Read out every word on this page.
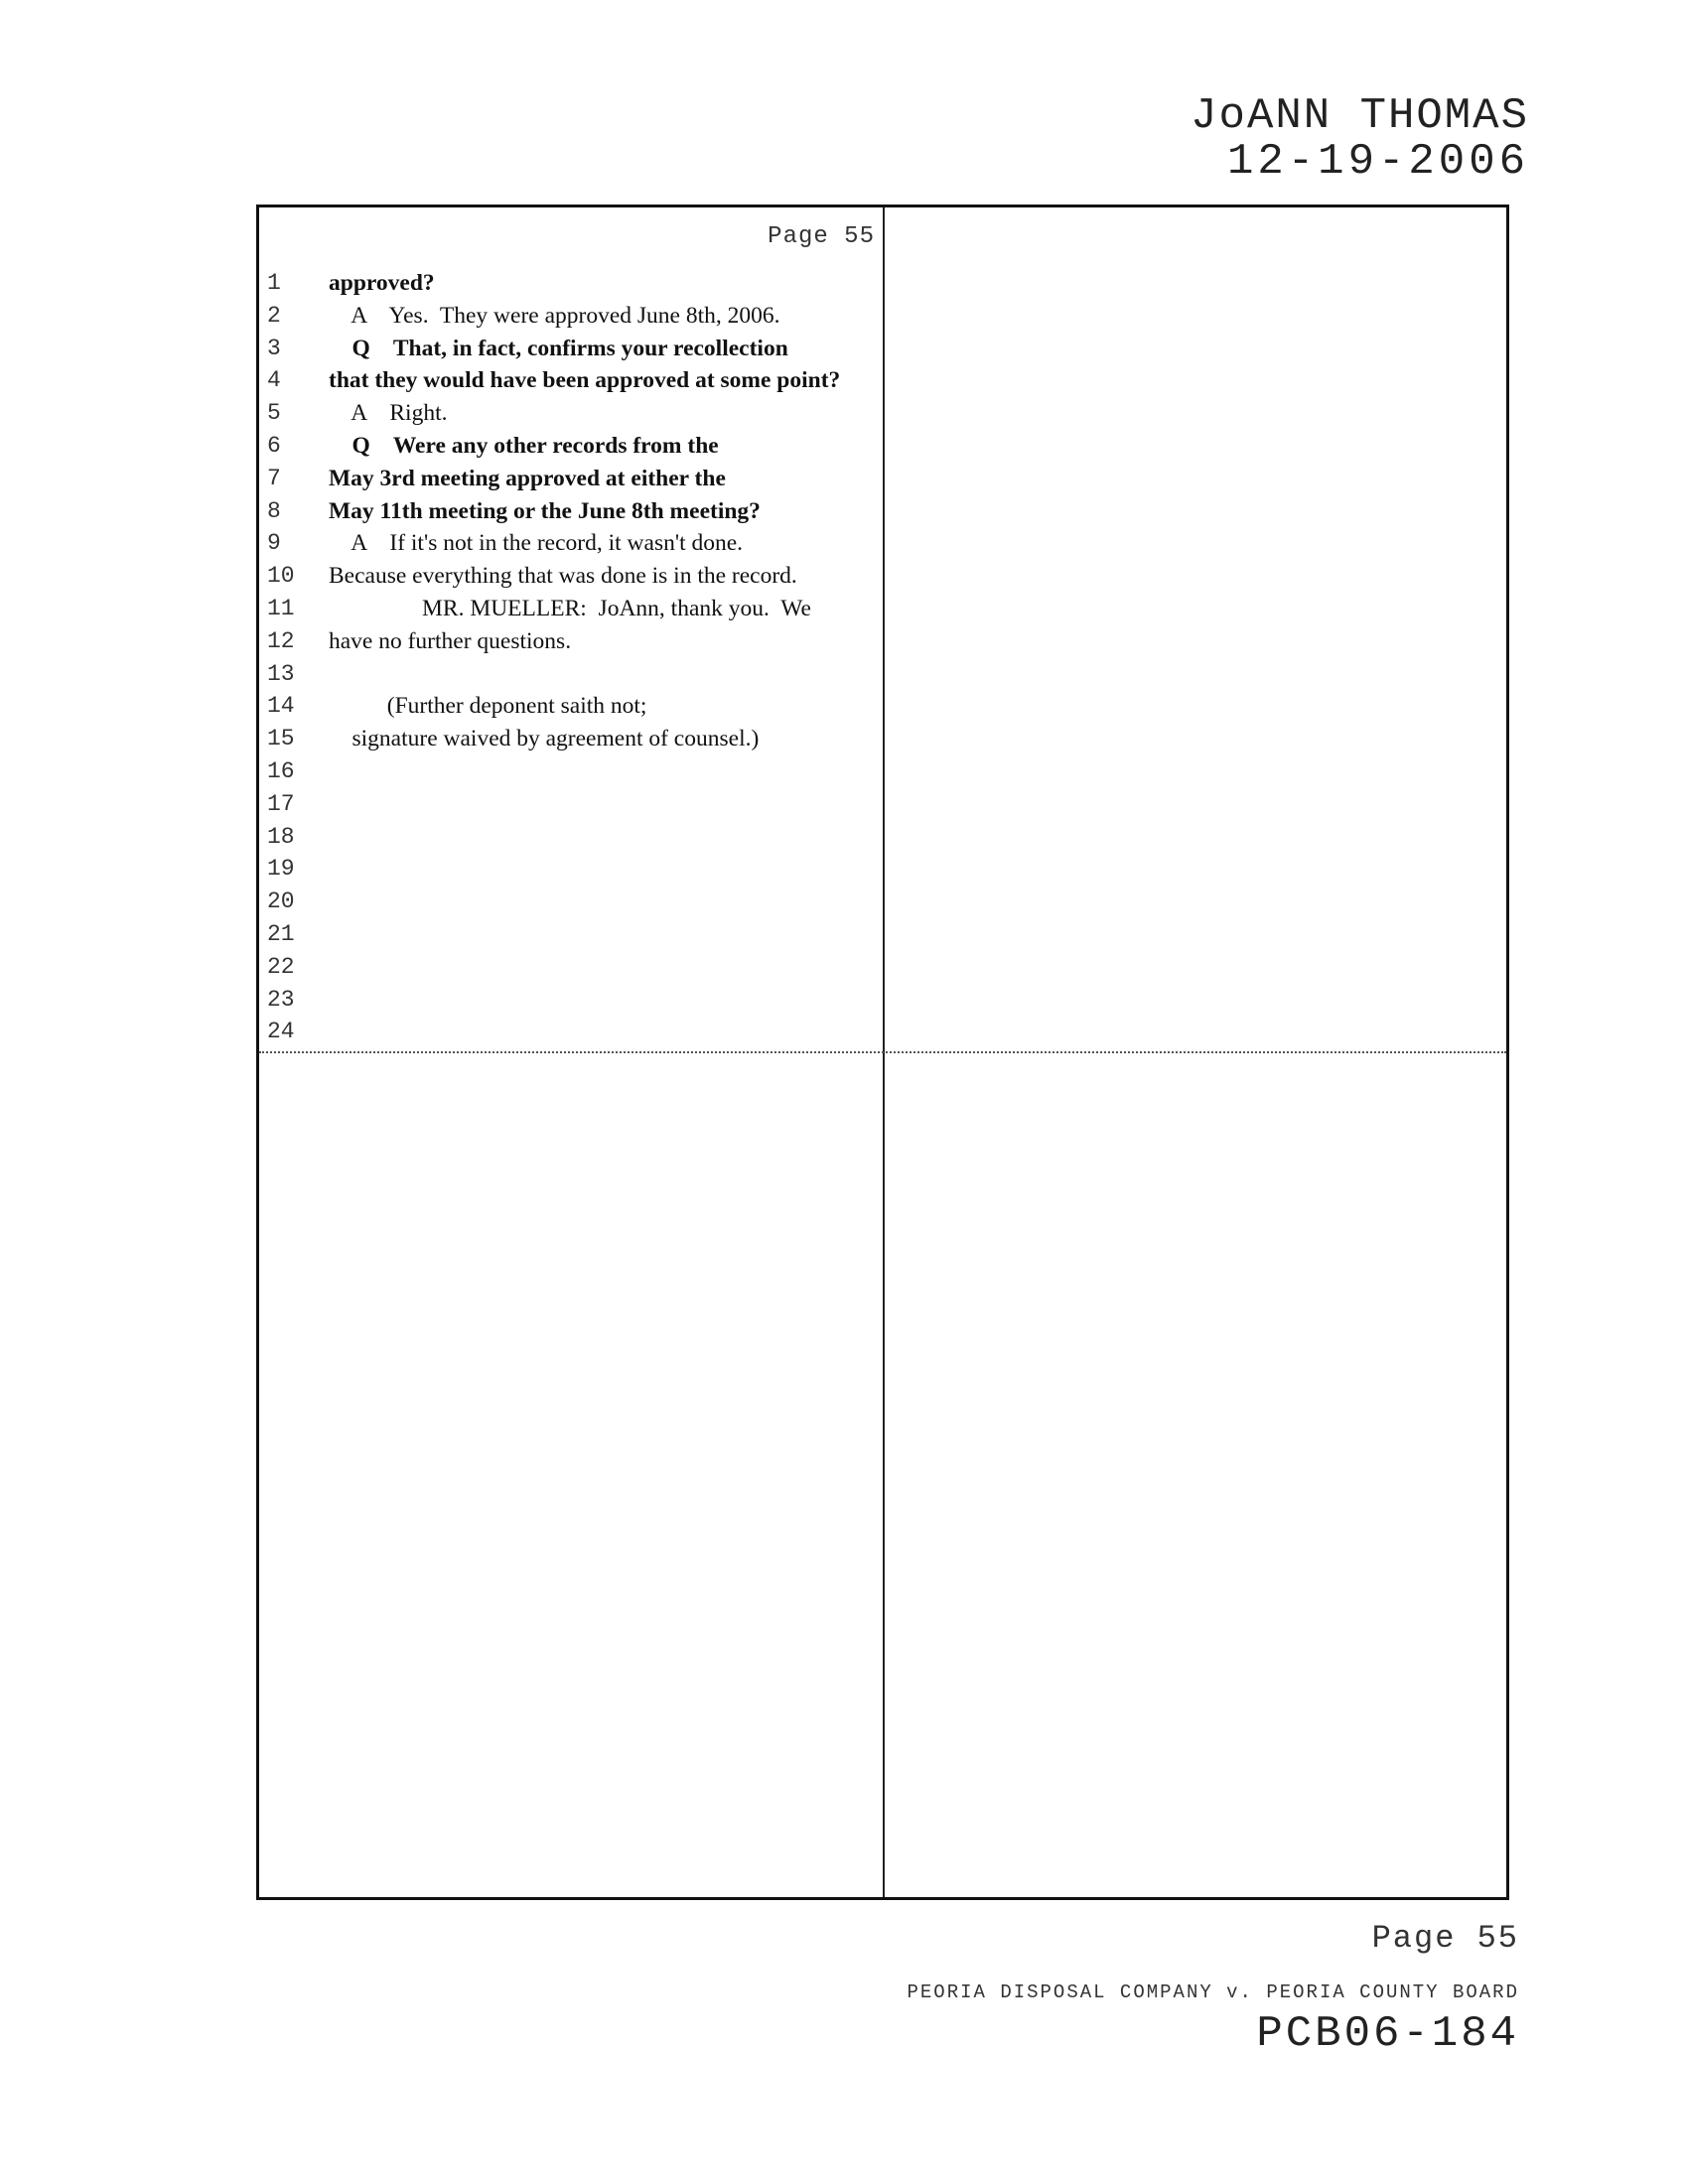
JoANN THOMAS
12-19-2006
Page 55
1	approved?
2	A    Yes.  They were approved June 8th, 2006.
3	Q    That, in fact, confirms your recollection
4	that they would have been approved at some point?
5	A    Right.
6	Q    Were any other records from the
7	May 3rd meeting approved at either the
8	May 11th meeting or the June 8th meeting?
9	A    If it's not in the record, it wasn't done.
10	Because everything that was done is in the record.
11	MR. MUELLER:  JoAnn, thank you.  We
12	have no further questions.
13
14	(Further deponent saith not;
15	signature waived by agreement of counsel.)
16
17
18
19
20
21
22
23
24
Page 55
PEORIA DISPOSAL COMPANY v. PEORIA COUNTY BOARD
PCB06-184
